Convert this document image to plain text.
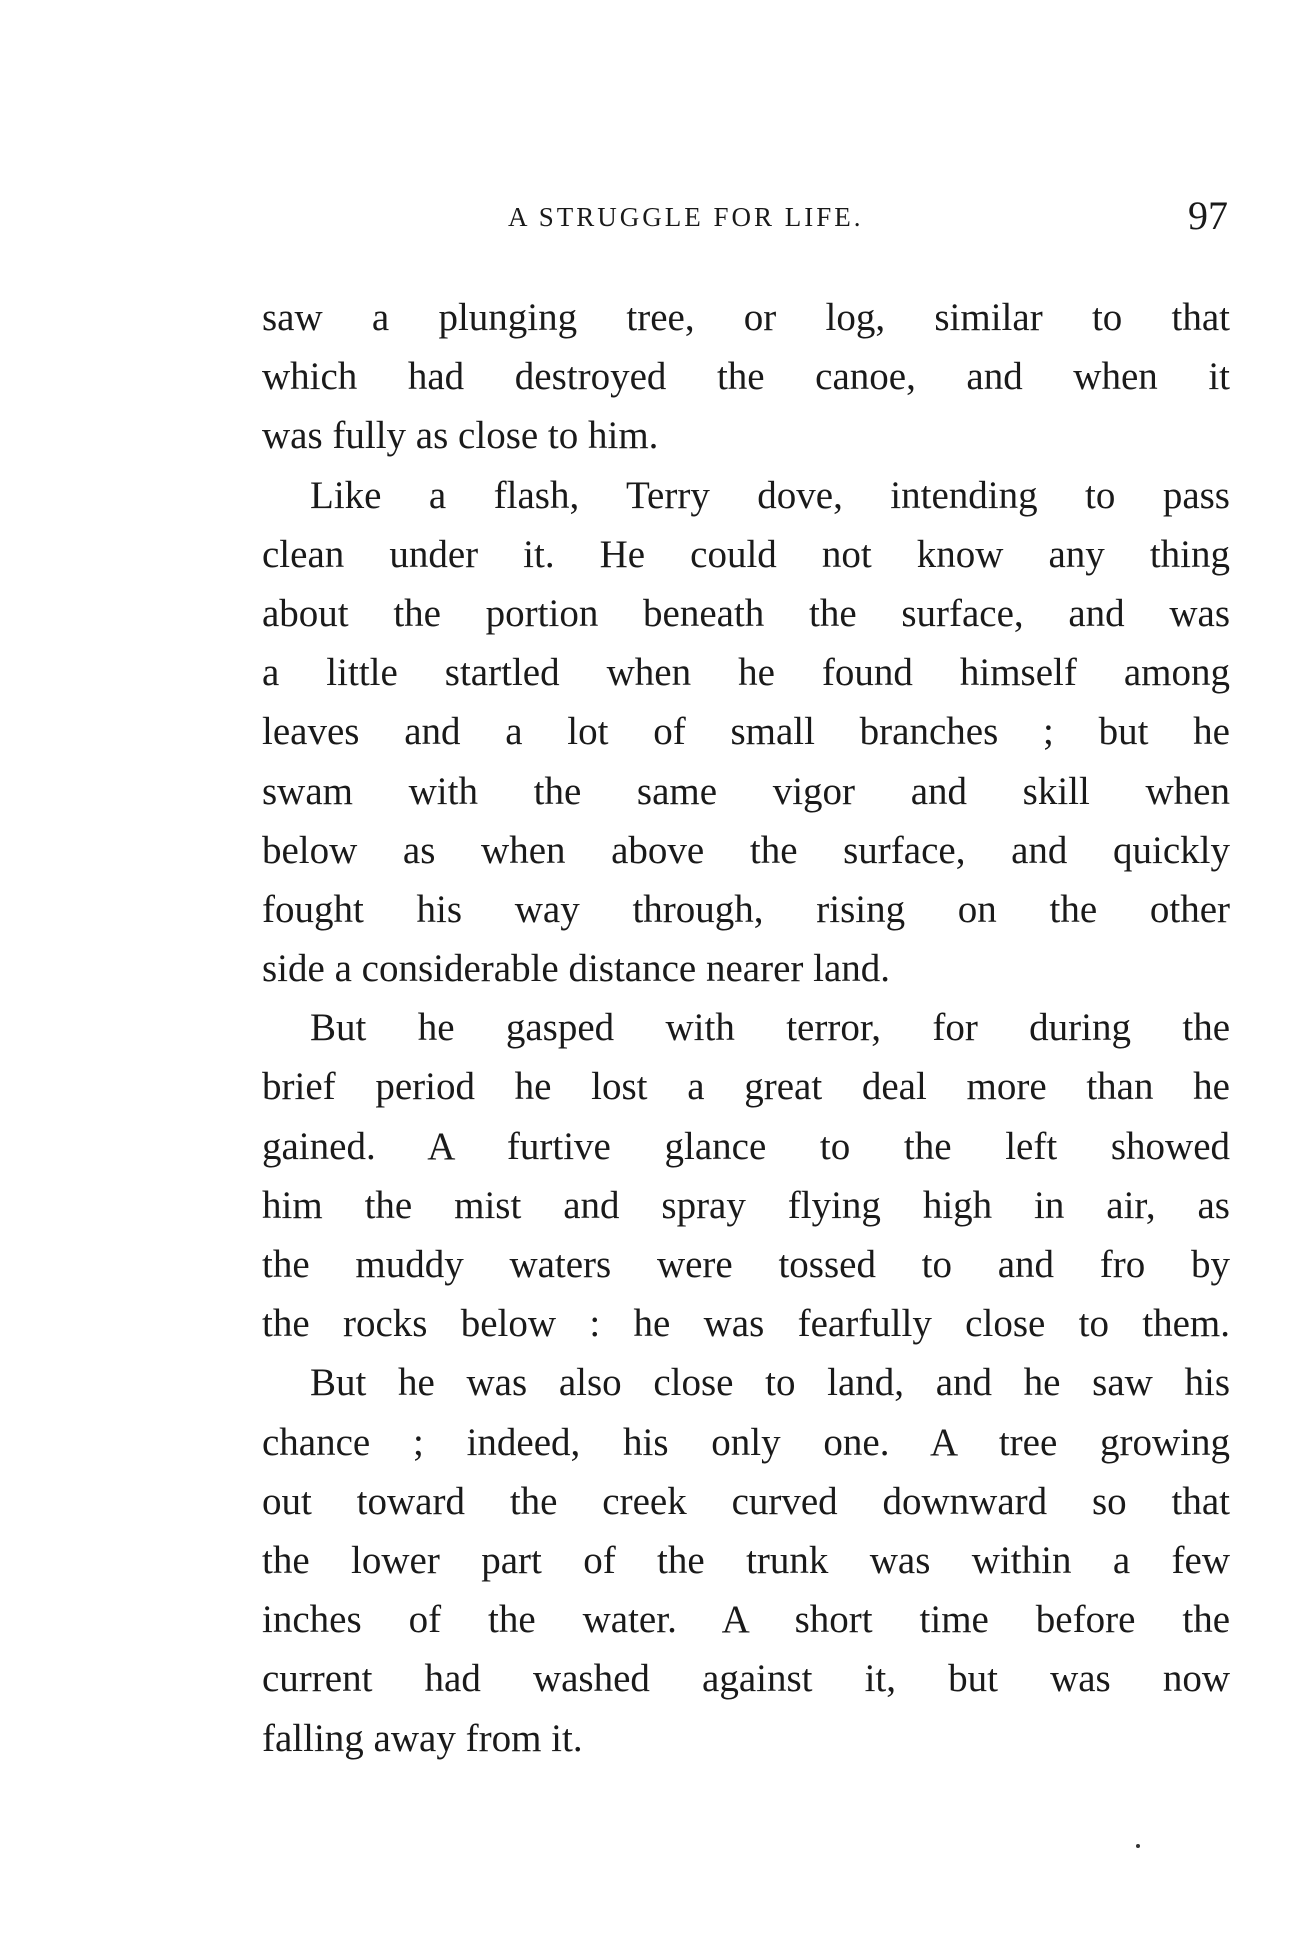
A STRUGGLE FOR LIFE.	97
saw a plunging tree, or log, similar to that
which had destroyed the canoe, and when it
was fully as close to him.
Like a flash, Terry dove, intending to pass
clean under it. He could not know any thing
about the portion beneath the surface, and was
a little startled when he found himself among
leaves and a lot of small branches ; but he
swam with the same vigor and skill when
below as when above the surface, and quickly
fought his way through, rising on the other
side a considerable distance nearer land.
But he gasped with terror, for during the
brief period he lost a great deal more than he
gained. A furtive glance to the left showed
him the mist and spray flying high in air, as
the muddy waters were tossed to and fro by
the rocks below : he was fearfully close to them.
But he was also close to land, and he saw his
chance ; indeed, his only one. A tree growing
out toward the creek curved downward so that
the lower part of the trunk was within a few
inches of the water. A short time before the
current had washed against it, but was now
falling away from it.
